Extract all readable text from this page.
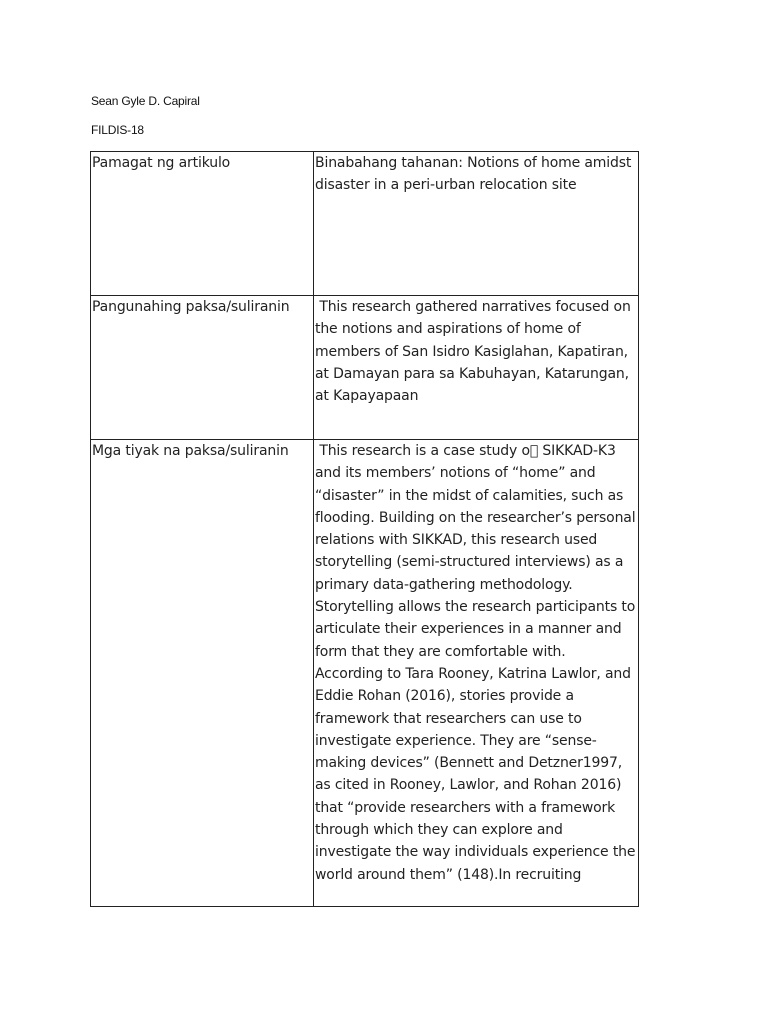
Sean Gyle D. Capiral
FILDIS-18
Pamagat ng artikulo	Binabahang tahanan: Notions of home amidst disaster in a peri-urban relocation site

Pangunahing paksa/suliranin	This research gathered narratives focused on the notions and aspirations of home of members of San Isidro Kasiglahan, Kapatiran, at Damayan para sa Kabuhayan, Katarungan, at Kapayapaan

Mga tiyak na paksa/suliranin	This research is a case study o  SIKKAD-K3 and its members’ notions of “home” and “disaster” in the midst of calamities, such as flooding. Building on the researcher’s personal relations with SIKKAD, this research used storytelling (semi-structured interviews) as a primary data-gathering methodology. Storytelling allows the research participants to articulate their experiences in a manner and form that they are comfortable with. According to Tara Rooney, Katrina Lawlor, and Eddie Rohan (2016), stories provide a framework that researchers can use to investigate experience. They are “sense-making devices” (Bennett and Detzner1997, as cited in Rooney, Lawlor, and Rohan 2016) that “provide researchers with a framework through which they can explore and investigate the way individuals experience the world around them” (148).In recruiting
